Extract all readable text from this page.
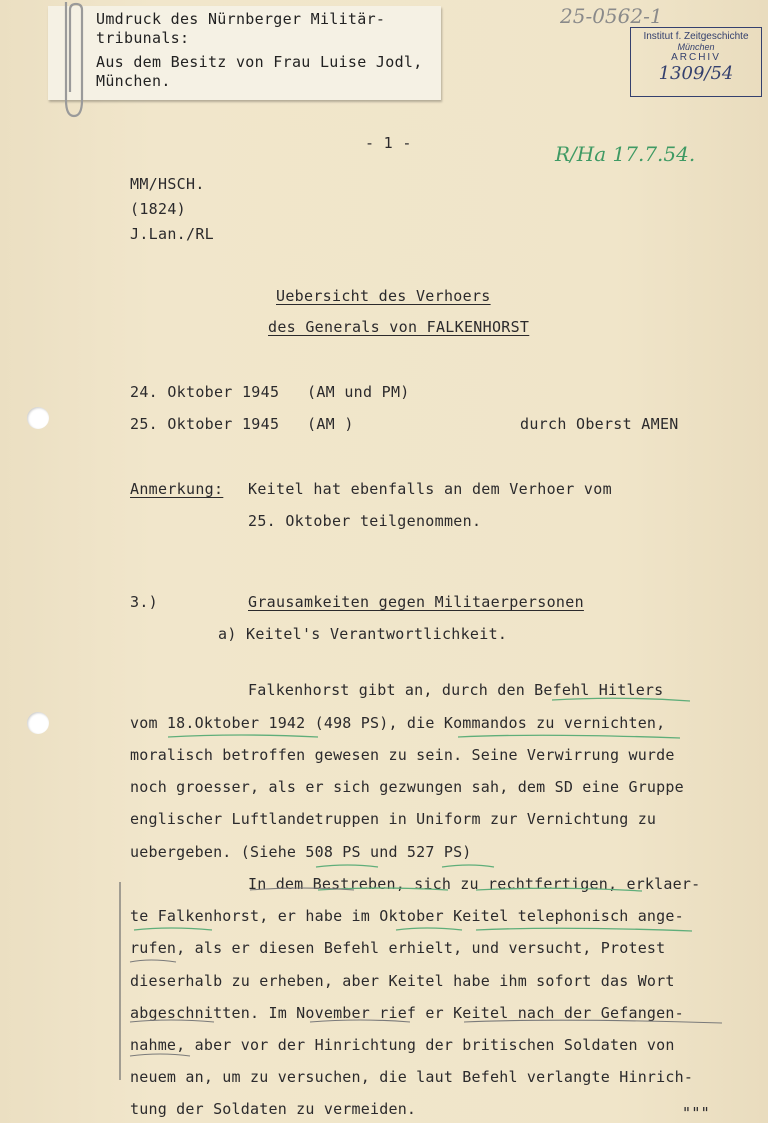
Umdruck des Nürnberger Militär-
tribunals:
Aus dem Besitz von Frau Luise Jodl,
München.
25-0562-1
Institut f. Zeitgeschichte
München
ARCHIV
1309/54
R/Ha 17.7.54.
- 1 -
MM/HSCH.
(1824)
J.Lan./RL
Uebersicht des Verhoers
des Generals von FALKENHORST
24. Oktober 1945 (AM und PM)
25. Oktober 1945 (AM )	durch Oberst AMEN
Anmerkung: Keitel hat ebenfalls an dem Verhoer vom
25. Oktober teilgenommen.
3.)	Grausamkeiten gegen Militaerpersonen
a) Keitel's Verantwortlichkeit.
Falkenhorst gibt an, durch den Befehl Hitlers
vom 18.Oktober 1942 (498 PS), die Kommandos zu vernichten,
moralisch betroffen gewesen zu sein. Seine Verwirrung wurde
noch groesser, als er sich gezwungen sah, dem SD eine Gruppe
englischer Luftlandetruppen in Uniform zur Vernichtung zu
uebergeben. (Siehe 508 PS und 527 PS)
In dem Bestreben, sich zu rechtfertigen, erklaer-
te Falkenhorst, er habe im Oktober Keitel telephonisch ange-
rufen, als er diesen Befehl erhielt, und versucht, Protest
dieserhalb zu erheben, aber Keitel habe ihm sofort das Wort
abgeschnitten. Im November rief er Keitel nach der Gefangen-
nahme, aber vor der Hinrichtung der britischen Soldaten von
neuem an, um zu versuchen, die laut Befehl verlangte Hinrich-
tung der Soldaten zu vermeiden.	"""
